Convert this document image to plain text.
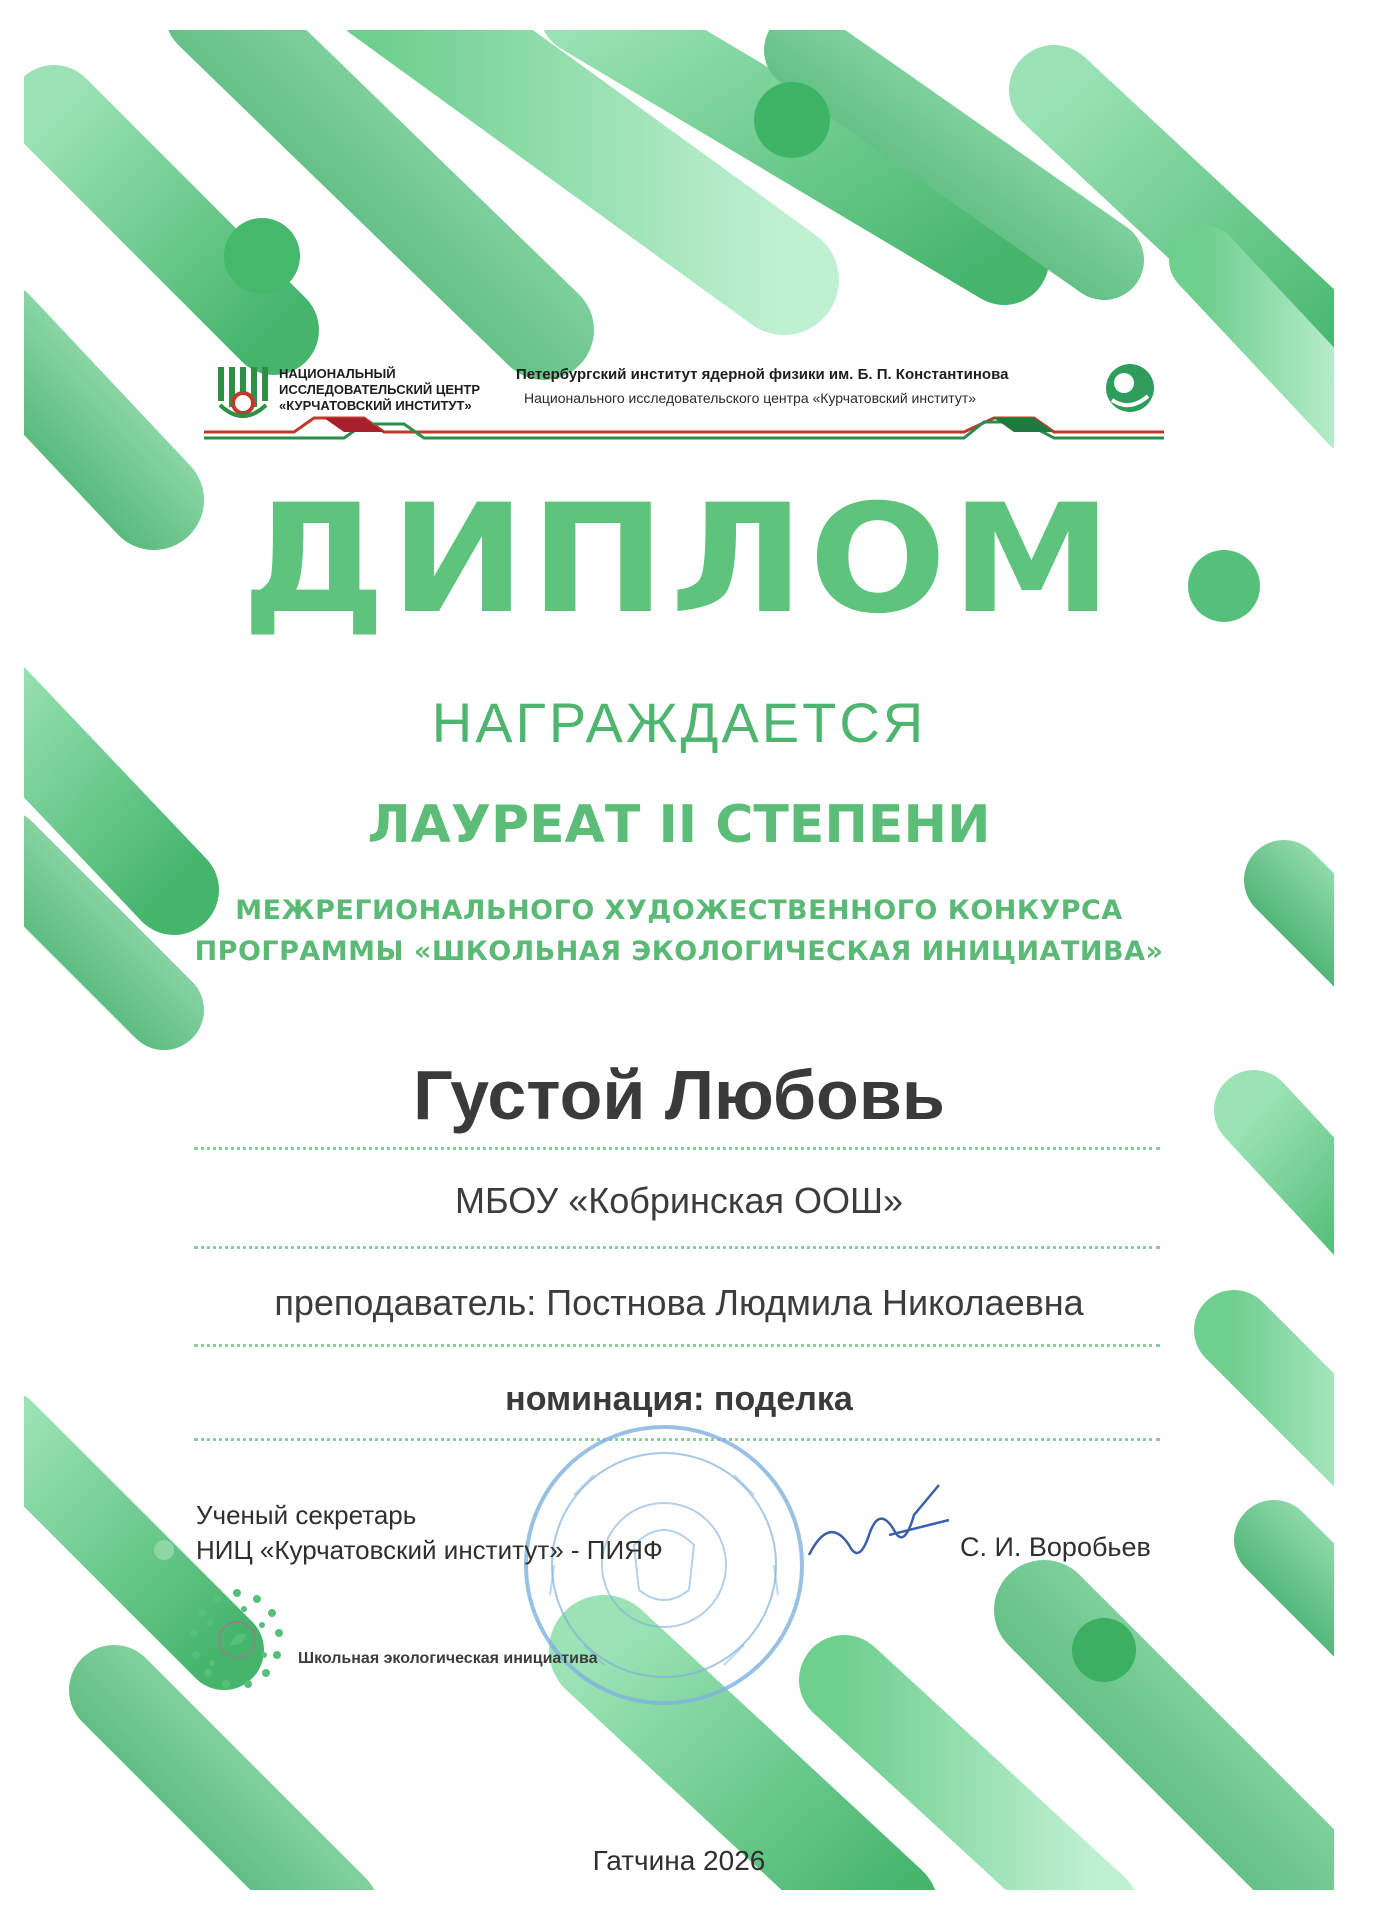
НАЦИОНАЛЬНЫЙ
ИССЛЕДОВАТЕЛЬСКИЙ ЦЕНТР
«КУРЧАТОВСКИЙ ИНСТИТУТ»
Петербургский институт ядерной физики им. Б. П. Константинова
Национального исследовательского центра «Курчатовский институт»
ДИПЛОМ
НАГРАЖДАЕТСЯ
ЛАУРЕАТ II СТЕПЕНИ
МЕЖРЕГИОНАЛЬНОГО ХУДОЖЕСТВЕННОГО КОНКУРСА
ПРОГРАММЫ «ШКОЛЬНАЯ ЭКОЛОГИЧЕСКАЯ ИНИЦИАТИВА»
Густой Любовь
МБОУ «Кобринская ООШ»
преподаватель: Постнова Людмила Николаевна
номинация: поделка
Ученый секретарь
НИЦ «Курчатовский институт» - ПИЯФ	С. И. Воробьев
Школьная экологическая инициатива
Гатчина 2026
